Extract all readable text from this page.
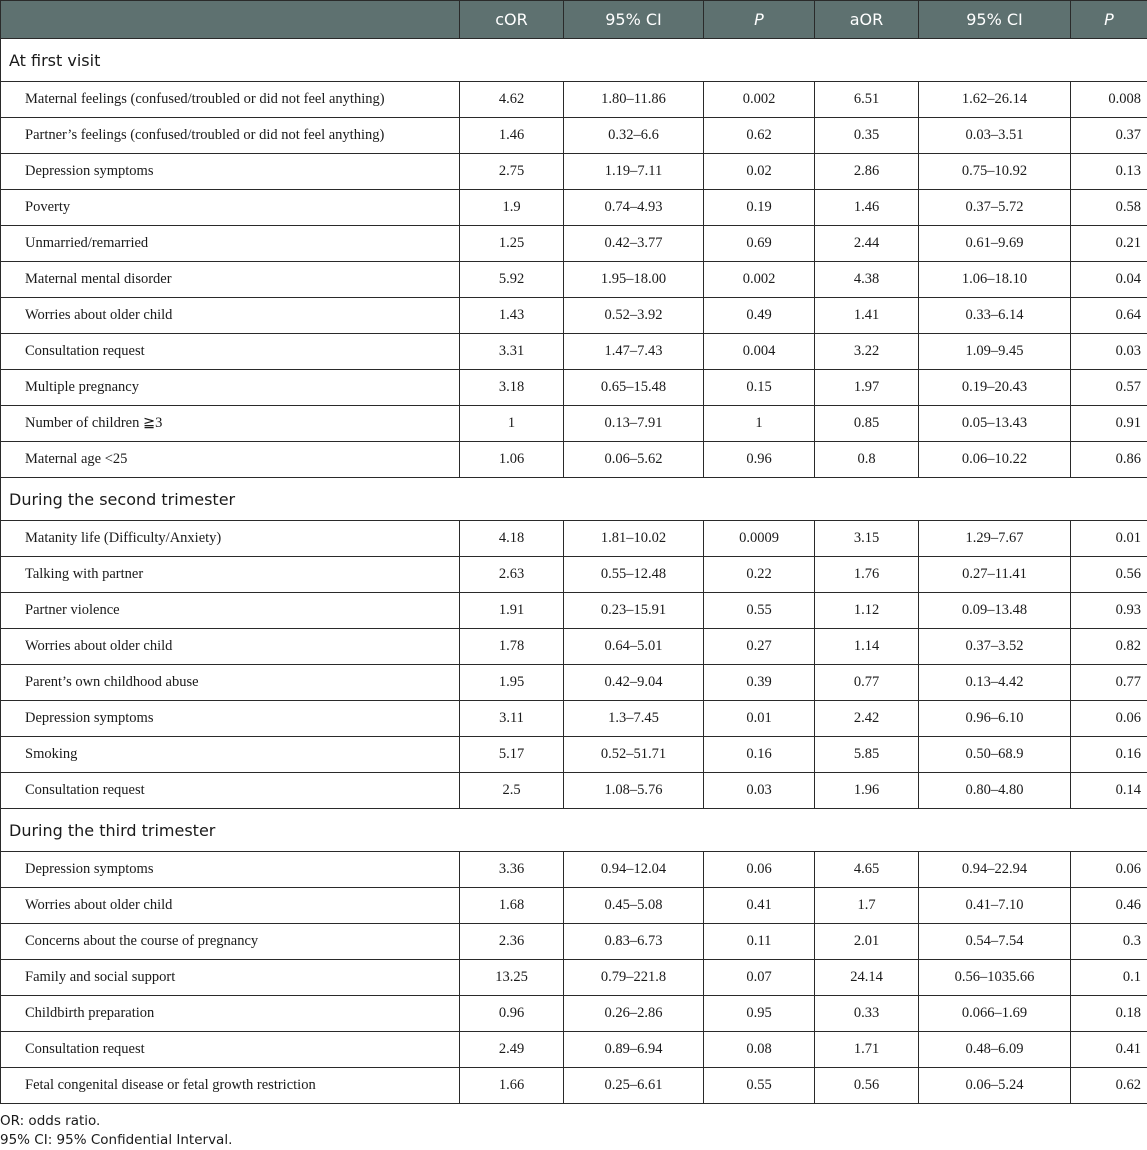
	cOR	95% CI	P	aOR	95% CI	P
At first visit						
Maternal feelings (confused/troubled or did not feel anything)	4.62	1.80–11.86	0.002	6.51	1.62–26.14	0.008
Partner’s feelings (confused/troubled or did not feel anything)	1.46	0.32–6.6	0.62	0.35	0.03–3.51	0.37
Depression symptoms	2.75	1.19–7.11	0.02	2.86	0.75–10.92	0.13
Poverty	1.9	0.74–4.93	0.19	1.46	0.37–5.72	0.58
Unmarried/remarried	1.25	0.42–3.77	0.69	2.44	0.61–9.69	0.21
Maternal mental disorder	5.92	1.95–18.00	0.002	4.38	1.06–18.10	0.04
Worries about older child	1.43	0.52–3.92	0.49	1.41	0.33–6.14	0.64
Consultation request	3.31	1.47–7.43	0.004	3.22	1.09–9.45	0.03
Multiple pregnancy	3.18	0.65–15.48	0.15	1.97	0.19–20.43	0.57
Number of children ≧3	1	0.13–7.91	1	0.85	0.05–13.43	0.91
Maternal age <25	1.06	0.06–5.62	0.96	0.8	0.06–10.22	0.86
During the second trimester						
Matanity life (Difficulty/Anxiety)	4.18	1.81–10.02	0.0009	3.15	1.29–7.67	0.01
Talking with partner	2.63	0.55–12.48	0.22	1.76	0.27–11.41	0.56
Partner violence	1.91	0.23–15.91	0.55	1.12	0.09–13.48	0.93
Worries about older child	1.78	0.64–5.01	0.27	1.14	0.37–3.52	0.82
Parent’s own childhood abuse	1.95	0.42–9.04	0.39	0.77	0.13–4.42	0.77
Depression symptoms	3.11	1.3–7.45	0.01	2.42	0.96–6.10	0.06
Smoking	5.17	0.52–51.71	0.16	5.85	0.50–68.9	0.16
Consultation request	2.5	1.08–5.76	0.03	1.96	0.80–4.80	0.14
During the third trimester						
Depression symptoms	3.36	0.94–12.04	0.06	4.65	0.94–22.94	0.06
Worries about older child	1.68	0.45–5.08	0.41	1.7	0.41–7.10	0.46
Concerns about the course of pregnancy	2.36	0.83–6.73	0.11	2.01	0.54–7.54	0.3
Family and social support	13.25	0.79–221.8	0.07	24.14	0.56–1035.66	0.1
Childbirth preparation	0.96	0.26–2.86	0.95	0.33	0.066–1.69	0.18
Consultation request	2.49	0.89–6.94	0.08	1.71	0.48–6.09	0.41
Fetal congenital disease or fetal growth restriction	1.66	0.25–6.61	0.55	0.56	0.06–5.24	0.62
OR: odds ratio.
95% CI: 95% Confidential Interval.
